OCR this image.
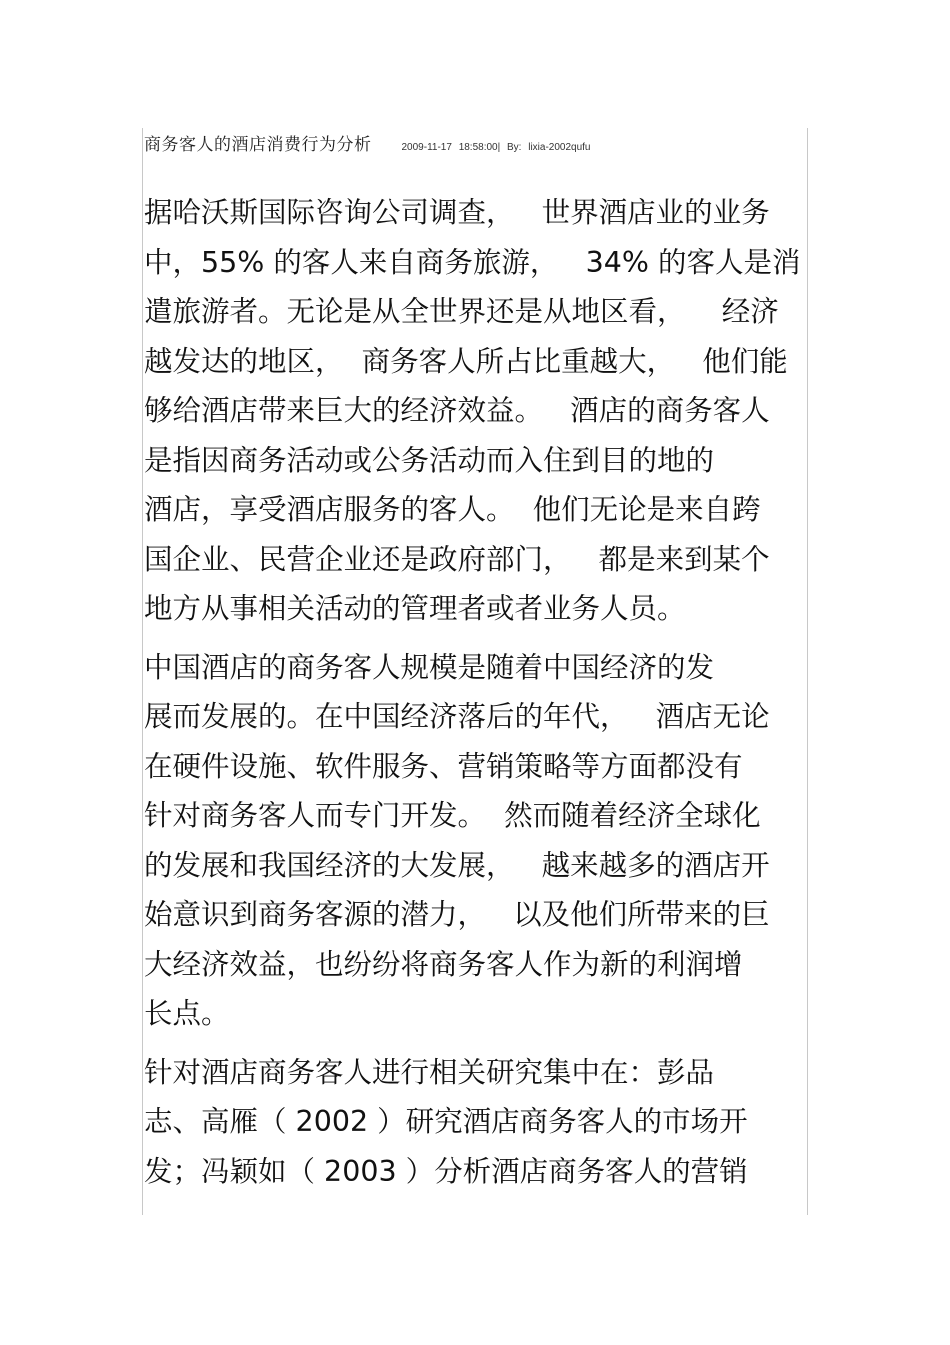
商务客人的酒店消费行为分析	2009-11-17 18:58:00| By: lixia-2002qufu
据哈沃斯国际咨询公司调查，   世界酒店业的业务
中，55% 的客人来自商务旅游，   34% 的客人是消
遣旅游者。无论是从全世界还是从地区看，    经济
越发达的地区，  商务客人所占比重越大，   他们能
够给酒店带来巨大的经济效益。   酒店的商务客人
是指因商务活动或公务活动而入住到目的地的
酒店，享受酒店服务的客人。  他们无论是来自跨
国企业、民营企业还是政府部门，   都是来到某个
地方从事相关活动的管理者或者业务人员。
中国酒店的商务客人规模是随着中国经济的发
展而发展的。在中国经济落后的年代，   酒店无论
在硬件设施、软件服务、营销策略等方面都没有
针对商务客人而专门开发。  然而随着经济全球化
的发展和我国经济的大发展，   越来越多的酒店开
始意识到商务客源的潜力，   以及他们所带来的巨
大经济效益，也纷纷将商务客人作为新的利润增
长点。
针对酒店商务客人进行相关研究集中在：彭品
志、高雁（ 2002 ）研究酒店商务客人的市场开
发；冯颖如（ 2003 ）分析酒店商务客人的营销
